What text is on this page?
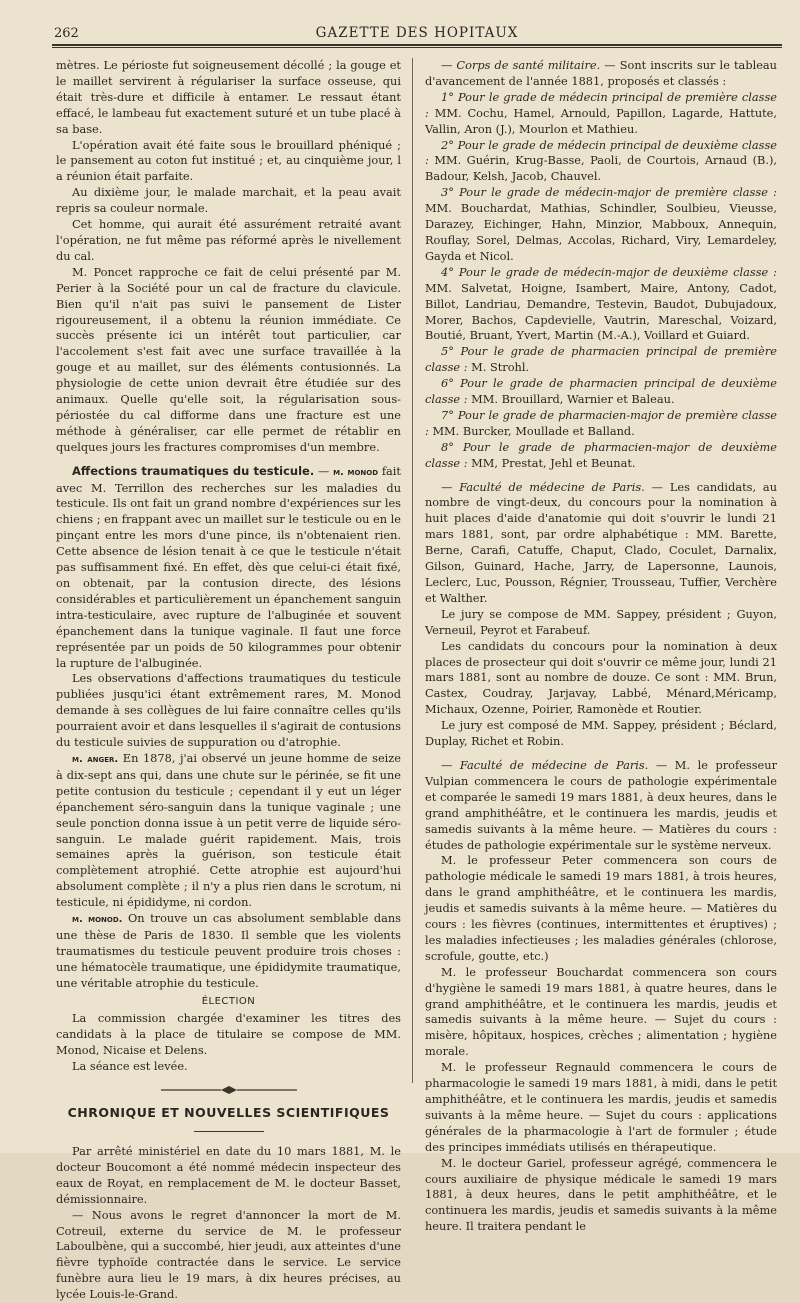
262	GAZETTE DES HOPITAUX

mètres. Le périoste fut soigneusement décollé ; la gouge et le maillet servirent à régulariser la surface osseuse, qui était très-dure et difficile à entamer. Le ressaut étant effacé, le lambeau fut exactement suturé et un tube placé à sa base.

L'opération avait été faite sous le brouillard phéniqué ; le pansement au coton fut institué ; et, au cinquième jour, l a réunion était parfaite.

Au dixième jour, le malade marchait, et la peau avait repris sa couleur normale.

Cet homme, qui aurait été assurément retraité avant l'opération, ne fut même pas réformé après le nivellement du cal.

M. Poncet rapproche ce fait de celui présenté par M. Perier à la Société pour un cal de fracture du clavicule. Bien qu'il n'ait pas suivi le pansement de Lister rigoureusement, il a obtenu la réunion immédiate. Ce succès présente ici un intérêt tout particulier, car l'accolement s'est fait avec une surface travaillée à la gouge et au maillet, sur des éléments contusionnés. La physiologie de cette union devrait être étudiée sur des animaux. Quelle qu'elle soit, la régularisation sous-périostée du cal difforme dans une fracture est une méthode à généraliser, car elle permet de rétablir en quelques jours les fractures compromises d'un membre.

Affections traumatiques du testicule. — m. monod fait avec M. Terrillon des recherches sur les maladies du testicule. Ils ont fait un grand nombre d'expériences sur les chiens ; en frappant avec un maillet sur le testicule ou en le pinçant entre les mors d'une pince, ils n'obtenaient rien. Cette absence de lésion tenait à ce que le testicule n'était pas suffisamment fixé. En effet, dès que celui-ci était fixé, on obtenait, par la contusion directe, des lésions considérables et particulièrement un épanchement sanguin intra-testiculaire, avec rupture de l'albuginée et souvent épanchement dans la tunique vaginale. Il faut une force représentée par un poids de 50 kilogrammes pour obtenir la rupture de l'albuginée.

Les observations d'affections traumatiques du testicule publiées jusqu'ici étant extrêmement rares, M. Monod demande à ses collègues de lui faire connaître celles qu'ils pourraient avoir et dans lesquelles il s'agirait de contusions du testicule suivies de suppuration ou d'atrophie.

m. anger. En 1878, j'ai observé un jeune homme de seize à dix-sept ans qui, dans une chute sur le périnée, se fit une petite contusion du testicule ; cependant il y eut un léger épanchement séro-sanguin dans la tunique vaginale ; une seule ponction donna issue à un petit verre de liquide séro-sanguin. Le malade guérit rapidement. Mais, trois semaines après la guérison, son testicule était complètement atrophié. Cette atrophie est aujourd'hui absolument complète ; il n'y a plus rien dans le scrotum, ni testicule, ni épididyme, ni cordon.

m. monod. On trouve un cas absolument semblable dans une thèse de Paris de 1830. Il semble que les violents traumatismes du testicule peuvent produire trois choses : une hématocèle traumatique, une épididymite traumatique, une véritable atrophie du testicule.

ÉLECTION

La commission chargée d'examiner les titres des candidats à la place de titulaire se compose de MM. Monod, Nicaise et Delens.

La séance est levée.

CHRONIQUE ET NOUVELLES SCIENTIFIQUES

Par arrêté ministériel en date du 10 mars 1881, M. le docteur Boucomont a été nommé médecin inspecteur des eaux de Royat, en remplacement de M. le docteur Basset, démissionnaire.

— Nous avons le regret d'annoncer la mort de M. Cotreuil, externe du service de M. le professeur Laboulbène, qui a succombé, hier jeudi, aux atteintes d'une fièvre typhoïde contractée dans le service. Le service funèbre aura lieu le 19 mars, à dix heures précises, au lycée Louis-le-Grand.

— Corps de santé militaire. — Sont inscrits sur le tableau d'avancement de l'année 1881, proposés et classés :

1° Pour le grade de médecin principal de première classe : MM. Cochu, Hamel, Arnould, Papillon, Lagarde, Hattute, Vallin, Aron (J.), Mourlon et Mathieu.

2° Pour le grade de médecin principal de deuxième classe : MM. Guérin, Krug-Basse, Paoli, de Courtois, Arnaud (B.), Badour, Kelsh, Jacob, Chauvel.

3° Pour le grade de médecin-major de première classe : MM. Bouchardat, Mathias, Schindler, Soulbieu, Vieusse, Darazey, Eichinger, Hahn, Minzior, Mabboux, Annequin, Rouflay, Sorel, Delmas, Accolas, Richard, Viry, Lemardeley, Gayda et Nicol.

4° Pour le grade de médecin-major de deuxième classe : MM. Salvetat, Hoigne, Isambert, Maire, Antony, Cadot, Billot, Landriau, Demandre, Testevin, Baudot, Dubujadoux, Morer, Bachos, Capdevielle, Vautrin, Mareschal, Voizard, Boutié, Bruant, Yvert, Martin (M.-A.), Voillard et Guiard.

5° Pour le grade de pharmacien principal de première classe : M. Strohl.

6° Pour le grade de pharmacien principal de deuxième classe : MM. Brouillard, Warnier et Baleau.

7° Pour le grade de pharmacien-major de première classe : MM. Burcker, Moullade et Balland.

8° Pour le grade de pharmacien-major de deuxième classe : MM, Prestat, Jehl et Beunat.

— Faculté de médecine de Paris. — Les candidats, au nombre de vingt-deux, du concours pour la nomination à huit places d'aide d'anatomie qui doit s'ouvrir le lundi 21 mars 1881, sont, par ordre alphabétique : MM. Barette, Berne, Carafi, Catuffe, Chaput, Clado, Coculet, Darnalix, Gilson, Guinard, Hache, Jarry, de Lapersonne, Launois, Leclerc, Luc, Pousson, Régnier, Trousseau, Tuffier, Verchère et Walther.

Le jury se compose de MM. Sappey, président ; Guyon, Verneuil, Peyrot et Farabeuf.

Les candidats du concours pour la nomination à deux places de prosecteur qui doit s'ouvrir ce même jour, lundi 21 mars 1881, sont au nombre de douze. Ce sont : MM. Brun, Castex, Coudray, Jarjavay, Labbé, Ménard,Méricamp, Michaux, Ozenne, Poirier, Ramonède et Routier.

Le jury est composé de MM. Sappey, président ; Béclard, Duplay, Richet et Robin.

— Faculté de médecine de Paris. — M. le professeur Vulpian commencera le cours de pathologie expérimentale et comparée le samedi 19 mars 1881, à deux heures, dans le grand amphithéâtre, et le continuera les mardis, jeudis et samedis suivants à la même heure. — Matières du cours : études de pathologie expérimentale sur le système nerveux.

M. le professeur Peter commencera son cours de pathologie médicale le samedi 19 mars 1881, à trois heures, dans le grand amphithéâtre, et le continuera les mardis, jeudis et samedis suivants à la même heure. — Matières du cours : les fièvres (continues, intermittentes et éruptives) ; les maladies infectieuses ; les maladies générales (chlorose, scrofule, goutte, etc.)

M. le professeur Bouchardat commencera son cours d'hygiène le samedi 19 mars 1881, à quatre heures, dans le grand amphithéâtre, et le continuera les mardis, jeudis et samedis suivants à la même heure. — Sujet du cours : misère, hôpitaux, hospices, crèches ; alimentation ; hygiène morale.

M. le professeur Regnauld commencera le cours de pharmacologie le samedi 19 mars 1881, à midi, dans le petit amphithéâtre, et le continuera les mardis, jeudis et samedis suivants à la même heure. — Sujet du cours : applications générales de la pharmacologie à l'art de formuler ; étude des principes immédiats utilisés en thérapeutique.

M. le docteur Gariel, professeur agrégé, commencera le cours auxiliaire de physique médicale le samedi 19 mars 1881, à deux heures, dans le petit amphithéâtre, et le continuera les mardis, jeudis et samedis suivants à la même heure. Il traitera pendant le
